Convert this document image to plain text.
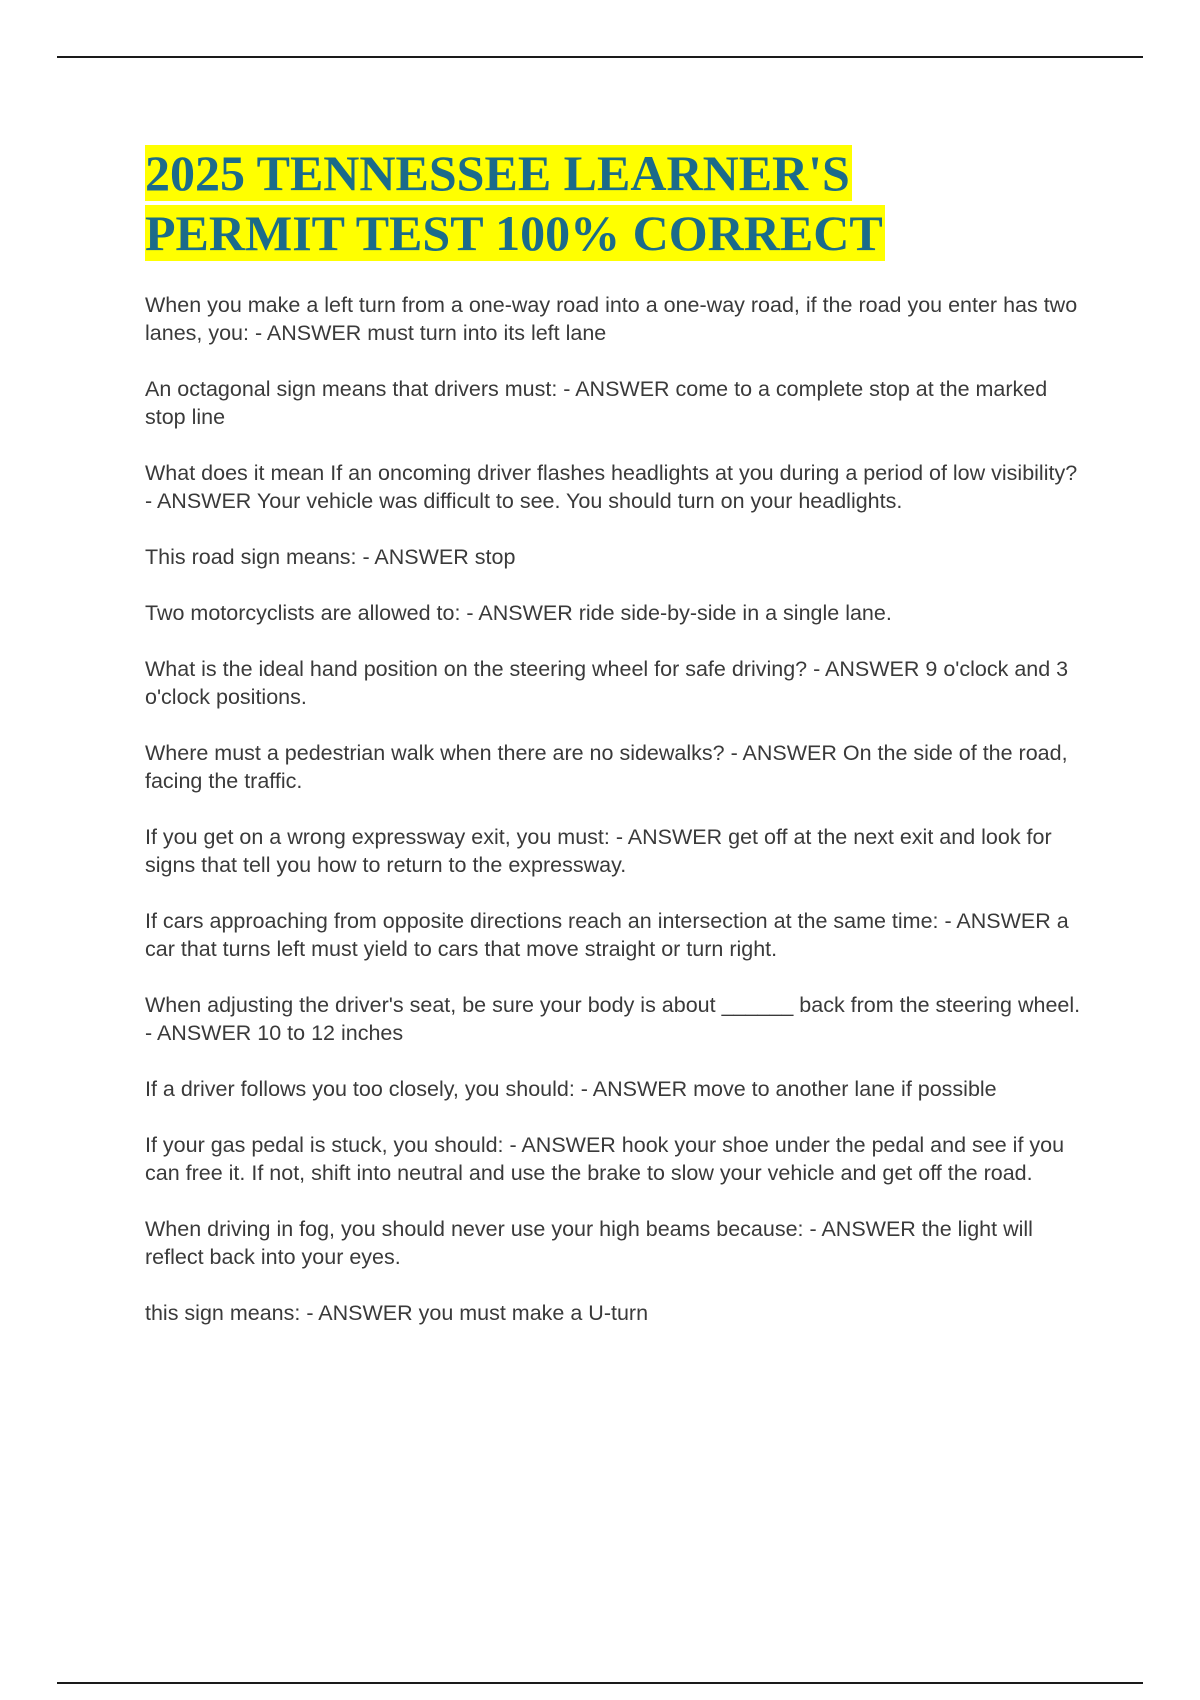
2025 TENNESSEE LEARNER'S
PERMIT TEST 100% CORRECT

When you make a left turn from a one-way road into a one-way road, if the road you enter has two lanes, you: - ANSWER must turn into its left lane

An octagonal sign means that drivers must: - ANSWER come to a complete stop at the marked stop line

What does it mean If an oncoming driver flashes headlights at you during a period of low visibility? - ANSWER Your vehicle was difficult to see. You should turn on your headlights.

This road sign means: - ANSWER stop

Two motorcyclists are allowed to: - ANSWER ride side-by-side in a single lane.

What is the ideal hand position on the steering wheel for safe driving? - ANSWER 9 o'clock and 3 o'clock positions.

Where must a pedestrian walk when there are no sidewalks? - ANSWER On the side of the road, facing the traffic.

If you get on a wrong expressway exit, you must: - ANSWER get off at the next exit and look for signs that tell you how to return to the expressway.

If cars approaching from opposite directions reach an intersection at the same time: - ANSWER a car that turns left must yield to cars that move straight or turn right.

When adjusting the driver's seat, be sure your body is about ______ back from the steering wheel. - ANSWER 10 to 12 inches

If a driver follows you too closely, you should: - ANSWER move to another lane if possible

If your gas pedal is stuck, you should: - ANSWER hook your shoe under the pedal and see if you can free it. If not, shift into neutral and use the brake to slow your vehicle and get off the road.

When driving in fog, you should never use your high beams because: - ANSWER the light will reflect back into your eyes.

this sign means: - ANSWER you must make a U-turn
